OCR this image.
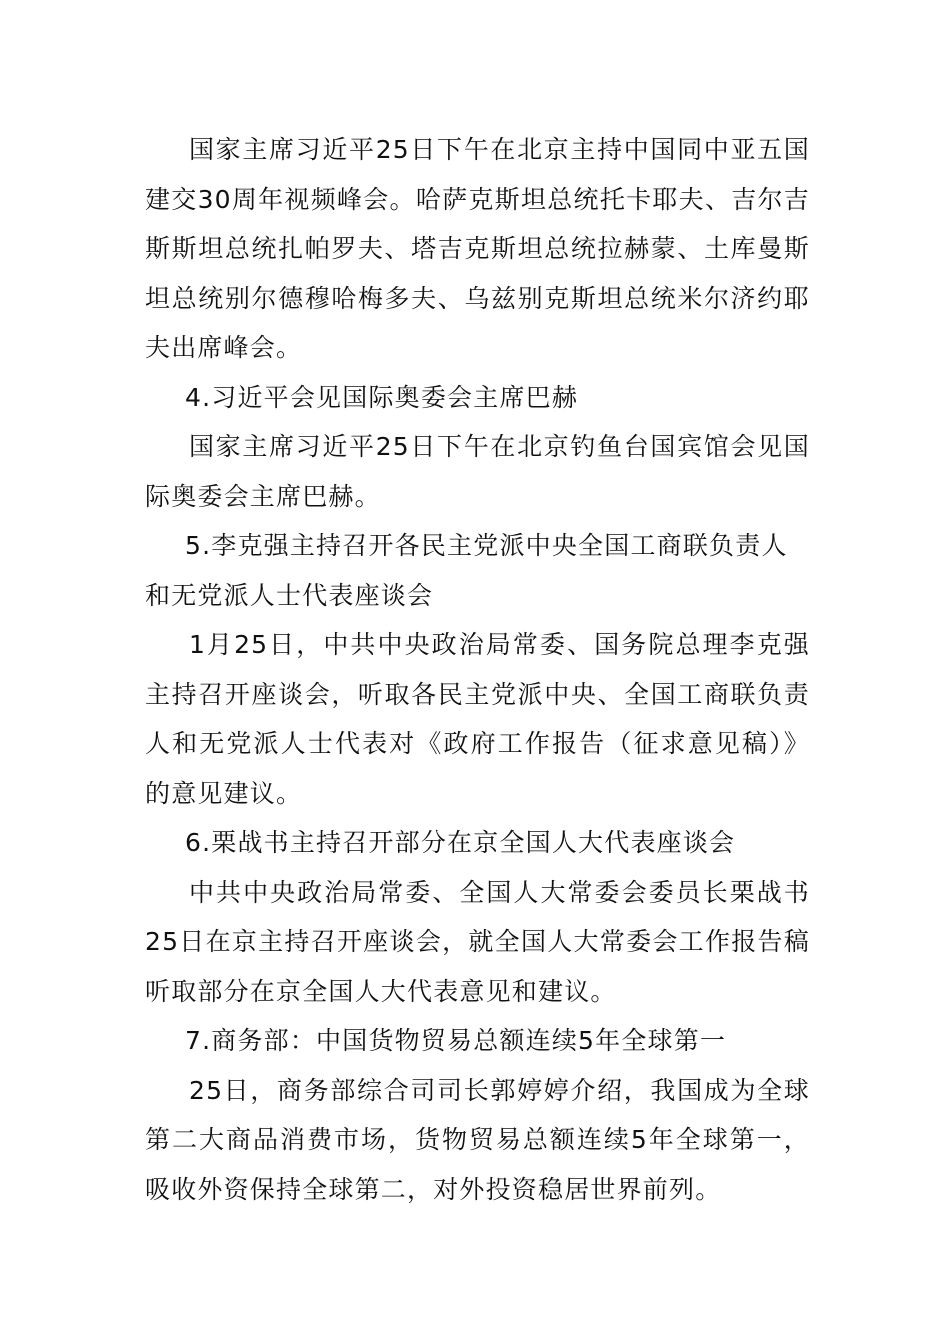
国家主席习近平25日下午在北京主持中国同中亚五国建交30周年视频峰会。哈萨克斯坦总统托卡耶夫、吉尔吉斯斯坦总统扎帕罗夫、塔吉克斯坦总统拉赫蒙、土库曼斯坦总统别尔德穆哈梅多夫、乌兹别克斯坦总统米尔济约耶夫出席峰会。

4.习近平会见国际奥委会主席巴赫

国家主席习近平25日下午在北京钓鱼台国宾馆会见国际奥委会主席巴赫。

5.李克强主持召开各民主党派中央全国工商联负责人和无党派人士代表座谈会

1月25日，中共中央政治局常委、国务院总理李克强主持召开座谈会，听取各民主党派中央、全国工商联负责人和无党派人士代表对《政府工作报告（征求意见稿）》的意见建议。

6.栗战书主持召开部分在京全国人大代表座谈会

中共中央政治局常委、全国人大常委会委员长栗战书25日在京主持召开座谈会，就全国人大常委会工作报告稿听取部分在京全国人大代表意见和建议。

7.商务部：中国货物贸易总额连续5年全球第一

25日，商务部综合司司长郭婷婷介绍，我国成为全球第二大商品消费市场，货物贸易总额连续5年全球第一，吸收外资保持全球第二，对外投资稳居世界前列。
